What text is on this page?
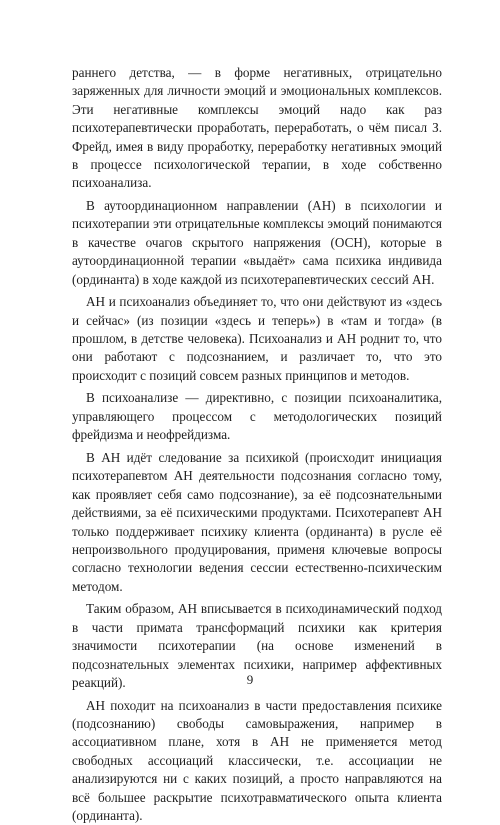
раннего детства, — в форме негативных, отрицательно заряженных для личности эмоций и эмоциональных комплексов. Эти негативные комплексы эмоций надо как раз психотерапевтически проработать, переработать, о чём писал З. Фрейд, имея в виду проработку, переработку негативных эмоций в процессе психологической терапии, в ходе собственно психоанализа.

В аутоординационном направлении (АН) в психологии и психотерапии эти отрицательные комплексы эмоций понимаются в качестве очагов скрытого напряжения (ОСН), которые в аутоординационной терапии «выдаёт» сама психика индивида (ординанта) в ходе каждой из психотерапевтических сессий АН.

АН и психоанализ объединяет то, что они действуют из «здесь и сейчас» (из позиции «здесь и теперь») в «там и тогда» (в прошлом, в детстве человека). Психоанализ и АН роднит то, что они работают с подсознанием, и различает то, что это происходит с позиций совсем разных принципов и методов.

В психоанализе — директивно, с позиции психоаналитика, управляющего процессом с методологических позиций фрейдизма и неофрейдизма.

В АН идёт следование за психикой (происходит инициация психотерапевтом АН деятельности подсознания согласно тому, как проявляет себя само подсознание), за её подсознательными действиями, за её психическими продуктами. Психотерапевт АН только поддерживает психику клиента (ординанта) в русле её непроизвольного продуцирования, применя ключевые вопросы согласно технологии ведения сессии естественно-психическим методом.

Таким образом, АН вписывается в психодинамический подход в части примата трансформаций психики как критерия значимости психотерапии (на основе изменений в подсознательных элементах психики, например аффективных реакций).

АН походит на психоанализ в части предоставления психике (подсознанию) свободы самовыражения, например в ассоциативном плане, хотя в АН не применяется метод свободных ассоциаций классически, т.е. ассоциации не анализируются ни с каких позиций, а просто направляются на всё большее раскрытие психотравматического опыта клиента (ординанта).

9
